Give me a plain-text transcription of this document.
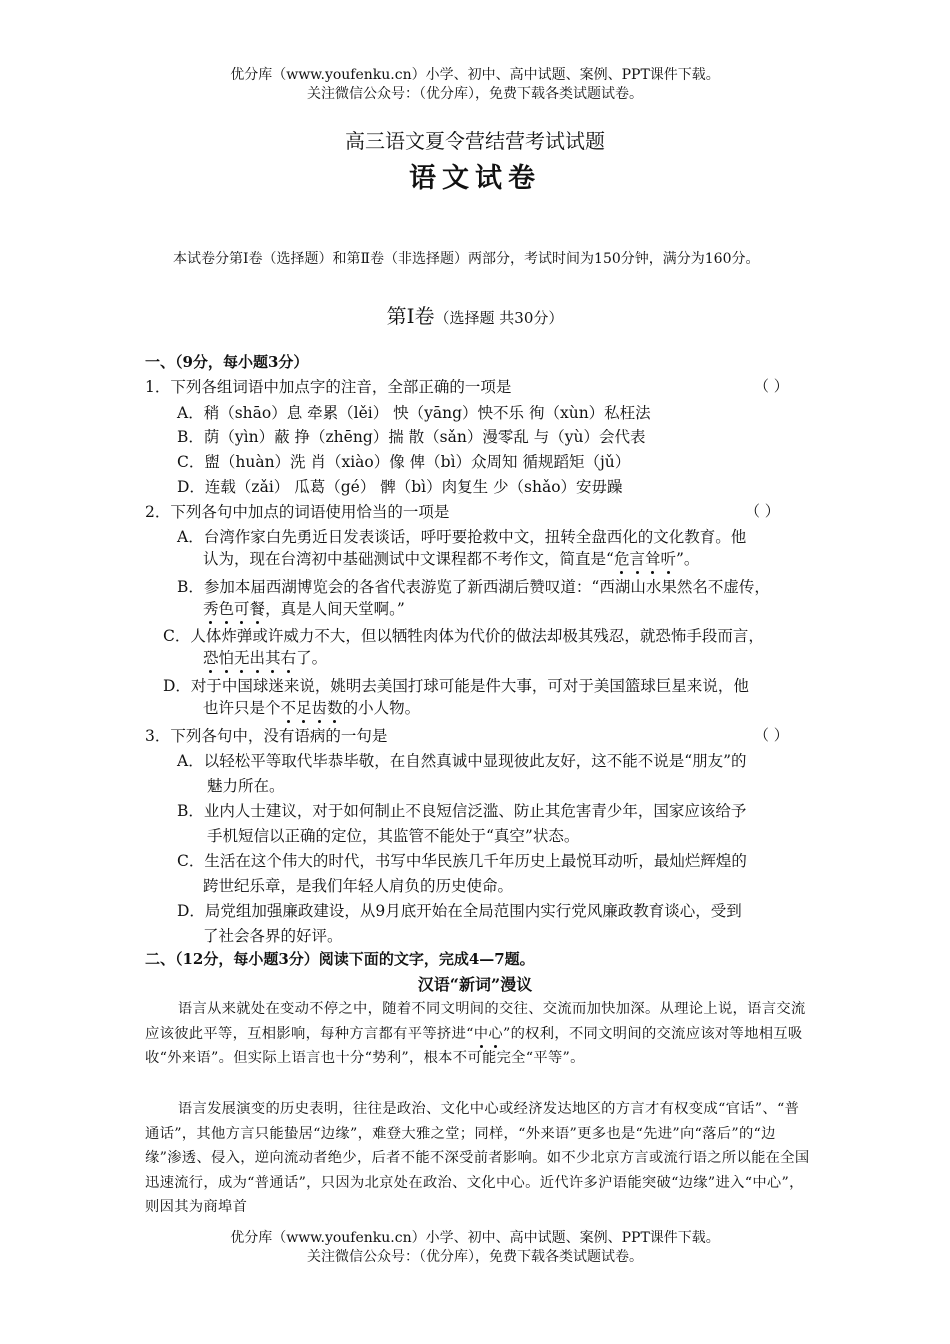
优分库（www.youfenku.cn）小学、初中、高中试题、案例、PPT课件下载。
关注微信公众号：（优分库），免费下载各类试题试卷。
高三语文夏令营结营考试试题
语文试卷
本试卷分第Ⅰ卷（选择题）和第Ⅱ卷（非选择题）两部分，考试时间为150分钟，满分为160分。
第Ⅰ卷（选择题 共30分）
一、（9分，每小题3分）
1．下列各组词语中加点字的注音，全部正确的一项是	（ ）
A．稍（shāo）息 牵累（lěi） 怏（yāng）怏不乐 徇（xùn）私枉法
B．荫（yìn）蔽 挣（zhēng）揣 散（sǎn）漫零乱 与（yù）会代表
C．盥（huàn）洗 肖（xiào）像 俾（bì）众周知 循规蹈矩（jǔ）
D．连载（zǎi） 瓜葛（gé） 髀（bì）肉复生 少（shǎo）安毋躁
2．下列各句中加点的词语使用恰当的一项是	（ ）
A．台湾作家白先勇近日发表谈话，呼吁要抢救中文，扭转全盘西化的文化教育。他
认为，现在台湾初中基础测试中文课程都不考作文，简直是“危言耸听”。
B．参加本届西湖博览会的各省代表游览了新西湖后赞叹道：“西湖山水果然名不虚传，
秀色可餐，真是人间天堂啊。”
C．人体炸弹或许威力不大，但以牺牲肉体为代价的做法却极其残忍，就恐怖手段而言，
恐怕无出其右了。
D．对于中国球迷来说，姚明去美国打球可能是件大事，可对于美国篮球巨星来说，他
也许只是个不足齿数的小人物。
3．下列各句中，没有语病的一句是	（ ）
A．以轻松平等取代毕恭毕敬，在自然真诚中显现彼此友好，这不能不说是“朋友”的
魅力所在。
B．业内人士建议，对于如何制止不良短信泛滥、防止其危害青少年，国家应该给予
手机短信以正确的定位，其监管不能处于“真空”状态。
C．生活在这个伟大的时代，书写中华民族几千年历史上最悦耳动听，最灿烂辉煌的
跨世纪乐章，是我们年轻人肩负的历史使命。
D．局党组加强廉政建设，从9月底开始在全局范围内实行党风廉政教育谈心，受到
了社会各界的好评。
二、（12分，每小题3分）阅读下面的文字，完成4—7题。
汉语“新词”漫议
语言从来就处在变动不停之中，随着不同文明间的交往、交流而加快加深。从理论上说，语言交流应该彼此平等，互相影响，每种方言都有平等挤进“中心”的权利，不同文明间的交流应该对等地相互吸收“外来语”。但实际上语言也十分“势利”，根本不可能完全“平等”。
语言发展演变的历史表明，往往是政治、文化中心或经济发达地区的方言才有权变成“官话”、“普通话”，其他方言只能蛰居“边缘”，难登大雅之堂；同样，“外来语”更多也是“先进”向“落后”的“边缘”渗透、侵入，逆向流动者绝少，后者不能不深受前者影响。如不少北京方言或流行语之所以能在全国迅速流行，成为“普通话”，只因为北京处在政治、文化中心。近代许多沪语能突破“边缘”进入“中心”，则因其为商埠首
优分库（www.youfenku.cn）小学、初中、高中试题、案例、PPT课件下载。
关注微信公众号：（优分库），免费下载各类试题试卷。
